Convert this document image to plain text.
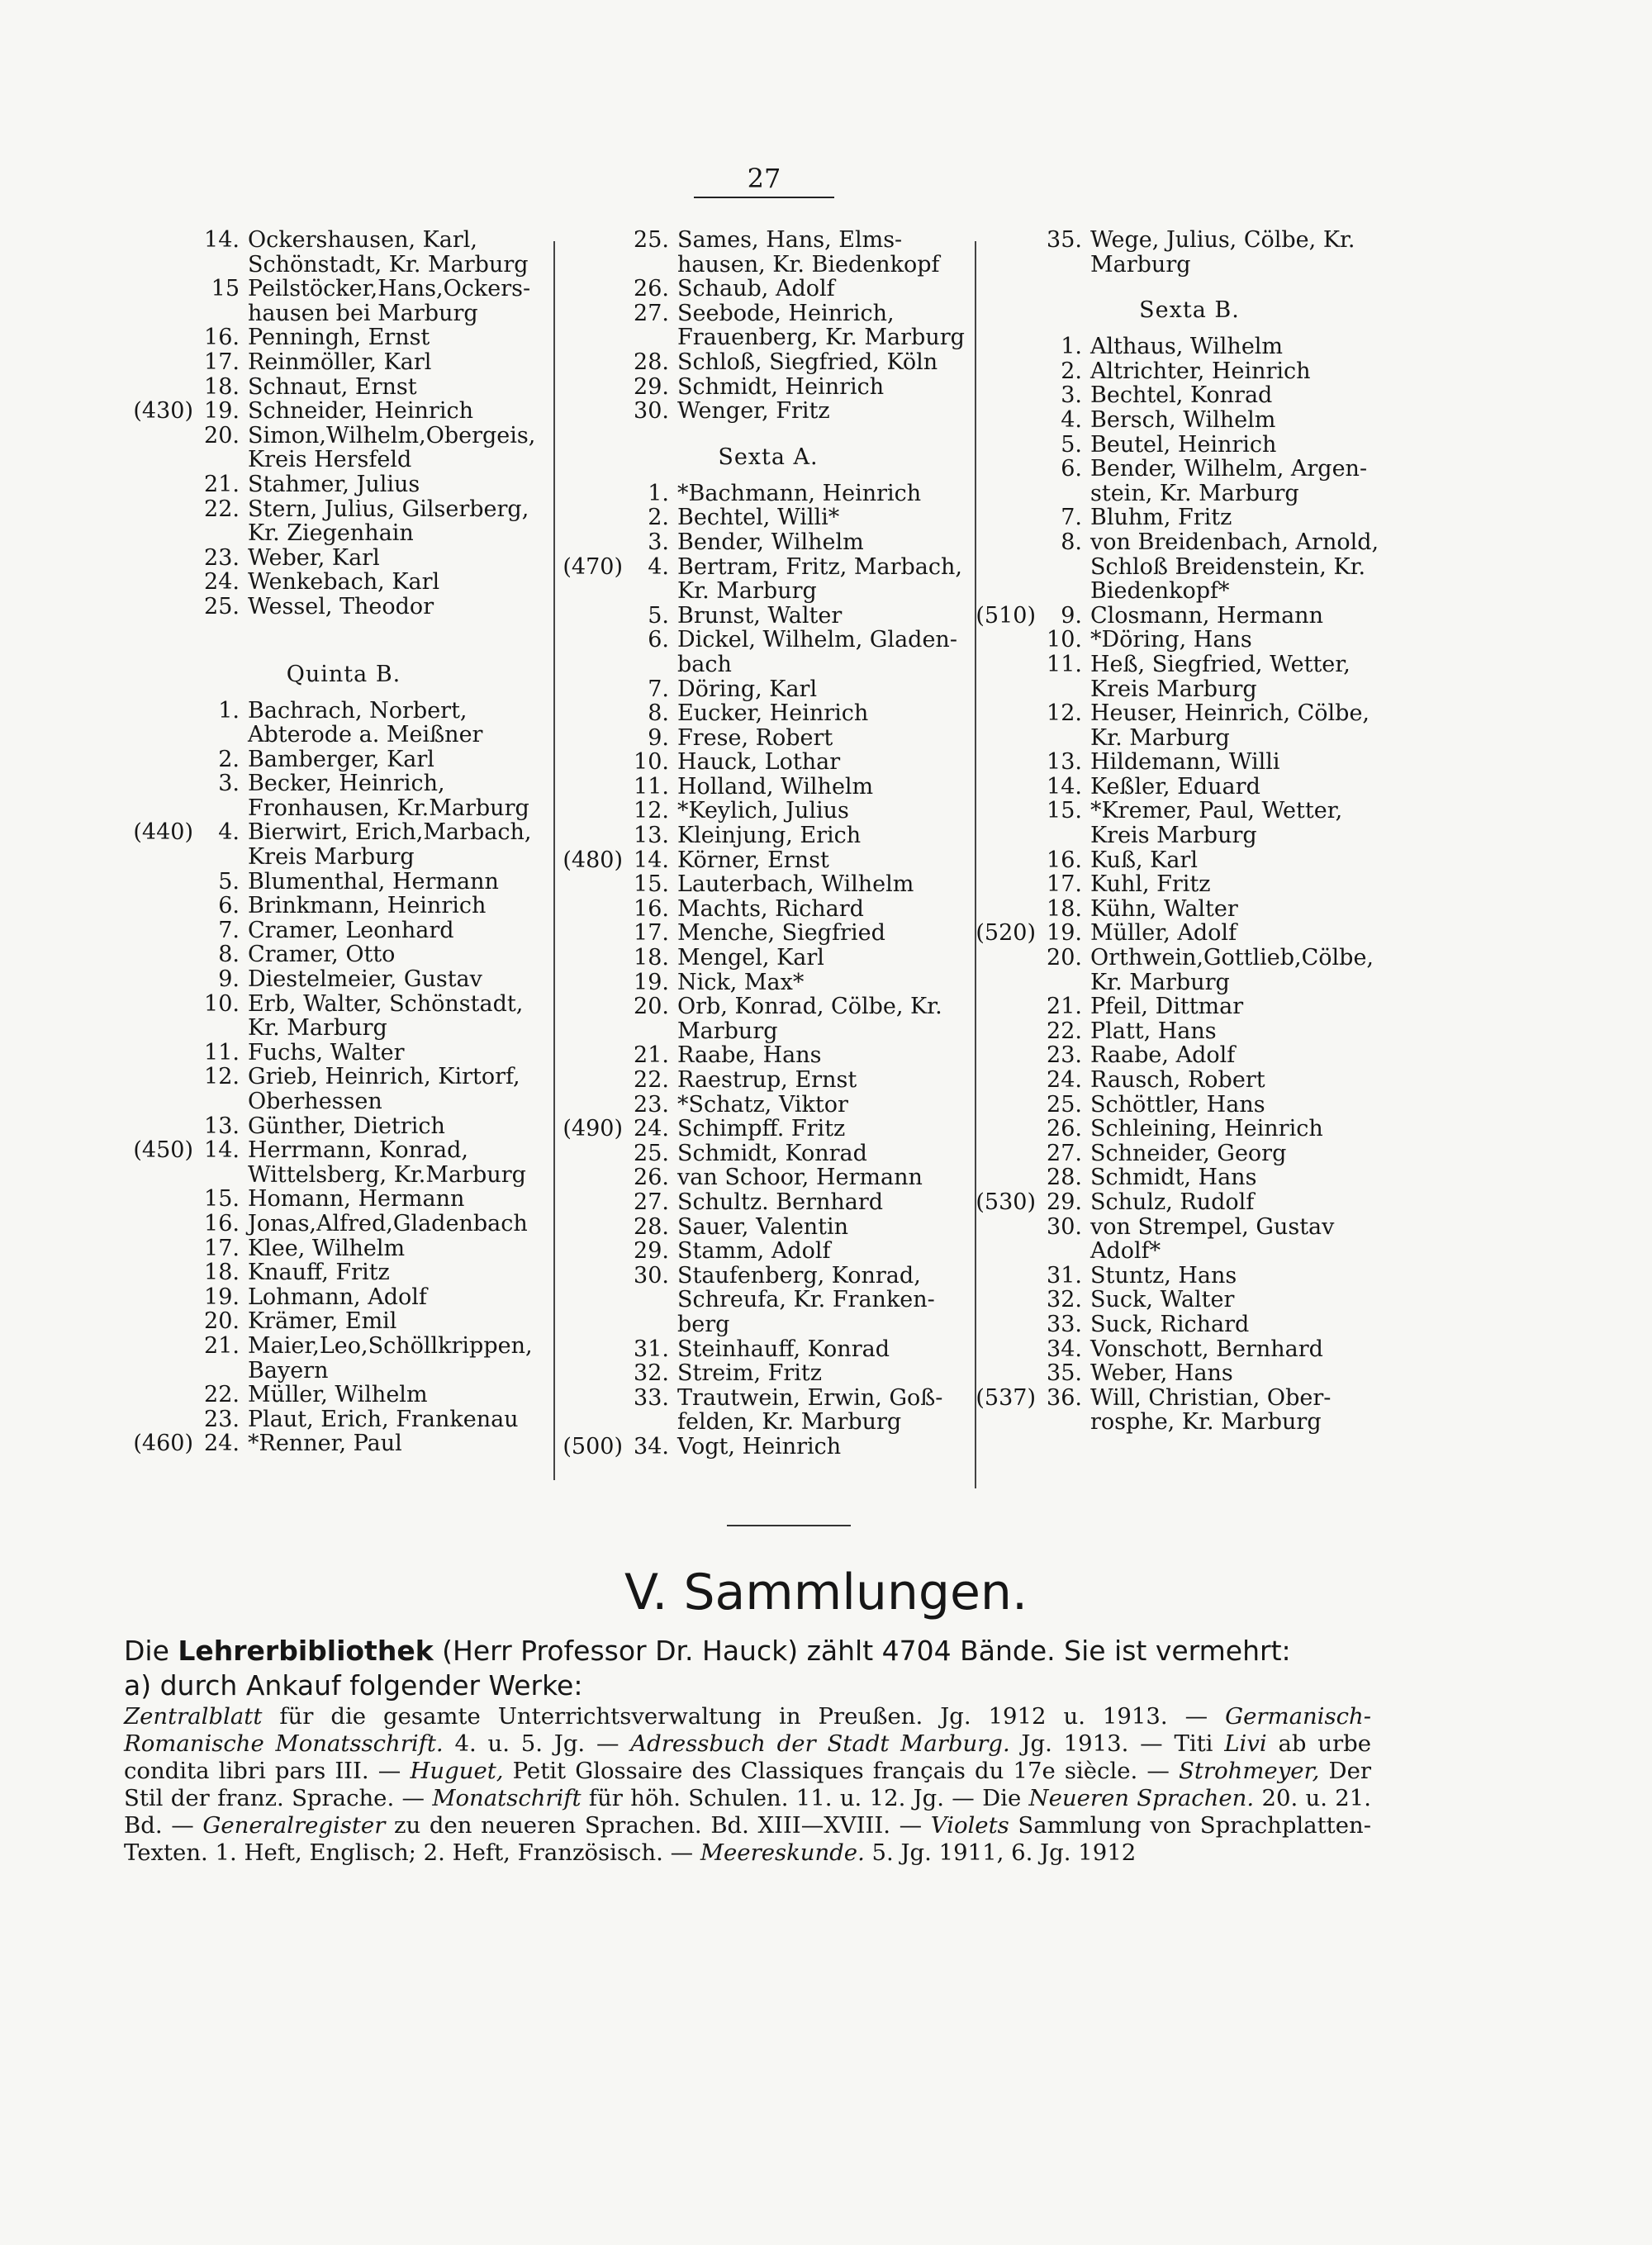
27
14. Ockershausen, Karl, Schönstadt, Kr. Marburg
15 Peilstöcker,Hans,Ockers- hausen bei Marburg
16. Penningh, Ernst
17. Reinmöller, Karl
18. Schnaut, Ernst
(430) 19. Schneider, Heinrich
20. Simon,Wilhelm,Obergeis, Kreis Hersfeld
21. Stahmer, Julius
22. Stern, Julius, Gilserberg, Kr. Ziegenhain
23. Weber, Karl
24. Wenkebach, Karl
25. Wessel, Theodor
Quinta B.
1. Bachrach, Norbert, Abterode a. Meißner
2. Bamberger, Karl
3. Becker, Heinrich, Fronhausen, Kr.Marburg
(440)	4. Bierwirt, Erich,Marbach, Kreis Marburg
5. Blumenthal, Hermann
6. Brinkmann, Heinrich
7. Cramer, Leonhard
8. Cramer, Otto
9. Diestelmeier, Gustav
10. Erb, Walter, Schönstadt, Kr. Marburg
11. Fuchs, Walter
12. Grieb, Heinrich, Kirtorf, Oberhessen
13. Günther, Dietrich
(450) 14. Herrmann, Konrad, Wittelsberg, Kr.Marburg
15. Homann, Hermann
16. Jonas,Alfred,Gladenbach
17. Klee, Wilhelm
18. Knauff, Fritz
19. Lohmann, Adolf
20. Krämer, Emil
21. Maier,Leo,Schöllkrippen, Bayern
22. Müller, Wilhelm
23. Plaut, Erich, Frankenau
(460) 24. *Renner, Paul
25. Sames, Hans, Elms- hausen, Kr. Biedenkopf
26. Schaub, Adolf
27. Seebode, Heinrich, Frauenberg, Kr. Marburg
28. Schloß, Siegfried, Köln
29. Schmidt, Heinrich
30. Wenger, Fritz
Sexta A.
1. *Bachmann, Heinrich
2. Bechtel, Willi*
3. Bender, Wilhelm
(470)	4. Bertram, Fritz, Marbach, Kr. Marburg
5. Brunst, Walter
6. Dickel, Wilhelm, Gladen- bach
7. Döring, Karl
8. Eucker, Heinrich
9. Frese, Robert
10. Hauck, Lothar
11. Holland, Wilhelm
12. *Keylich, Julius
13. Kleinjung, Erich
(480) 14. Körner, Ernst
15. Lauterbach, Wilhelm
16. Machts, Richard
17. Menche, Siegfried
18. Mengel, Karl
19. Nick, Max*
20. Orb, Konrad, Cölbe, Kr. Marburg
21. Raabe, Hans
22. Raestrup, Ernst
23. *Schatz, Viktor
(490) 24. Schimpff. Fritz
25. Schmidt, Konrad
26. van Schoor, Hermann
27. Schultz. Bernhard
28. Sauer, Valentin
29. Stamm, Adolf
30. Staufenberg, Konrad, Schreufa, Kr. Franken- berg
31. Steinhauff, Konrad
32. Streim, Fritz
33. Trautwein, Erwin, Goß- felden, Kr. Marburg
(500) 34. Vogt, Heinrich
35. Wege, Julius, Cölbe, Kr. Marburg
Sexta B.
1. Althaus, Wilhelm
2. Altrichter, Heinrich
3. Bechtel, Konrad
4. Bersch, Wilhelm
5. Beutel, Heinrich
6. Bender, Wilhelm, Argen- stein, Kr. Marburg
7. Bluhm, Fritz
8. von Breidenbach, Arnold, Schloß Breidenstein, Kr. Biedenkopf*
(510)	9. Closmann, Hermann
10. *Döring, Hans
11. Heß, Siegfried, Wetter, Kreis Marburg
12. Heuser, Heinrich, Cölbe, Kr. Marburg
13. Hildemann, Willi
14. Keßler, Eduard
15. *Kremer, Paul, Wetter, Kreis Marburg
16. Kuß, Karl
17. Kuhl, Fritz
18. Kühn, Walter
(520) 19. Müller, Adolf
20. Orthwein,Gottlieb,Cölbe, Kr. Marburg
21. Pfeil, Dittmar
22. Platt, Hans
23. Raabe, Adolf
24. Rausch, Robert
25. Schöttler, Hans
26. Schleining, Heinrich
27. Schneider, Georg
28. Schmidt, Hans
(530) 29. Schulz, Rudolf
30. von Strempel, Gustav Adolf*
31. Stuntz, Hans
32. Suck, Walter
33. Suck, Richard
34. Vonschott, Bernhard
35. Weber, Hans
(537) 36. Will, Christian, Ober- rosphe, Kr. Marburg
V. Sammlungen.
Die Lehrerbibliothek (Herr Professor Dr. Hauck) zählt 4704 Bände. Sie ist vermehrt:
a) durch Ankauf folgender Werke:

Zentralblatt für die gesamte Unterrichtsverwaltung in Preußen. Jg. 1912 u. 1913. — Germanisch-Romanische Monatsschrift. 4. u. 5. Jg. — Adressbuch der Stadt Marburg. Jg. 1913. — Titi Livi ab urbe condita libri pars III. — Huguet, Petit Glossaire des Classiques français du 17e siècle. — Strohmeyer, Der Stil der franz. Sprache. — Monatschrift für höh. Schulen. 11. u. 12. Jg. — Die Neueren Sprachen. 20. u. 21. Bd. — Generalregister zu den neueren Sprachen. Bd. XIII—XVIII. — Violets Sammlung von Sprachplatten-Texten. 1. Heft, Englisch; 2. Heft, Französisch. — Meereskunde. 5. Jg. 1911, 6. Jg. 1912
